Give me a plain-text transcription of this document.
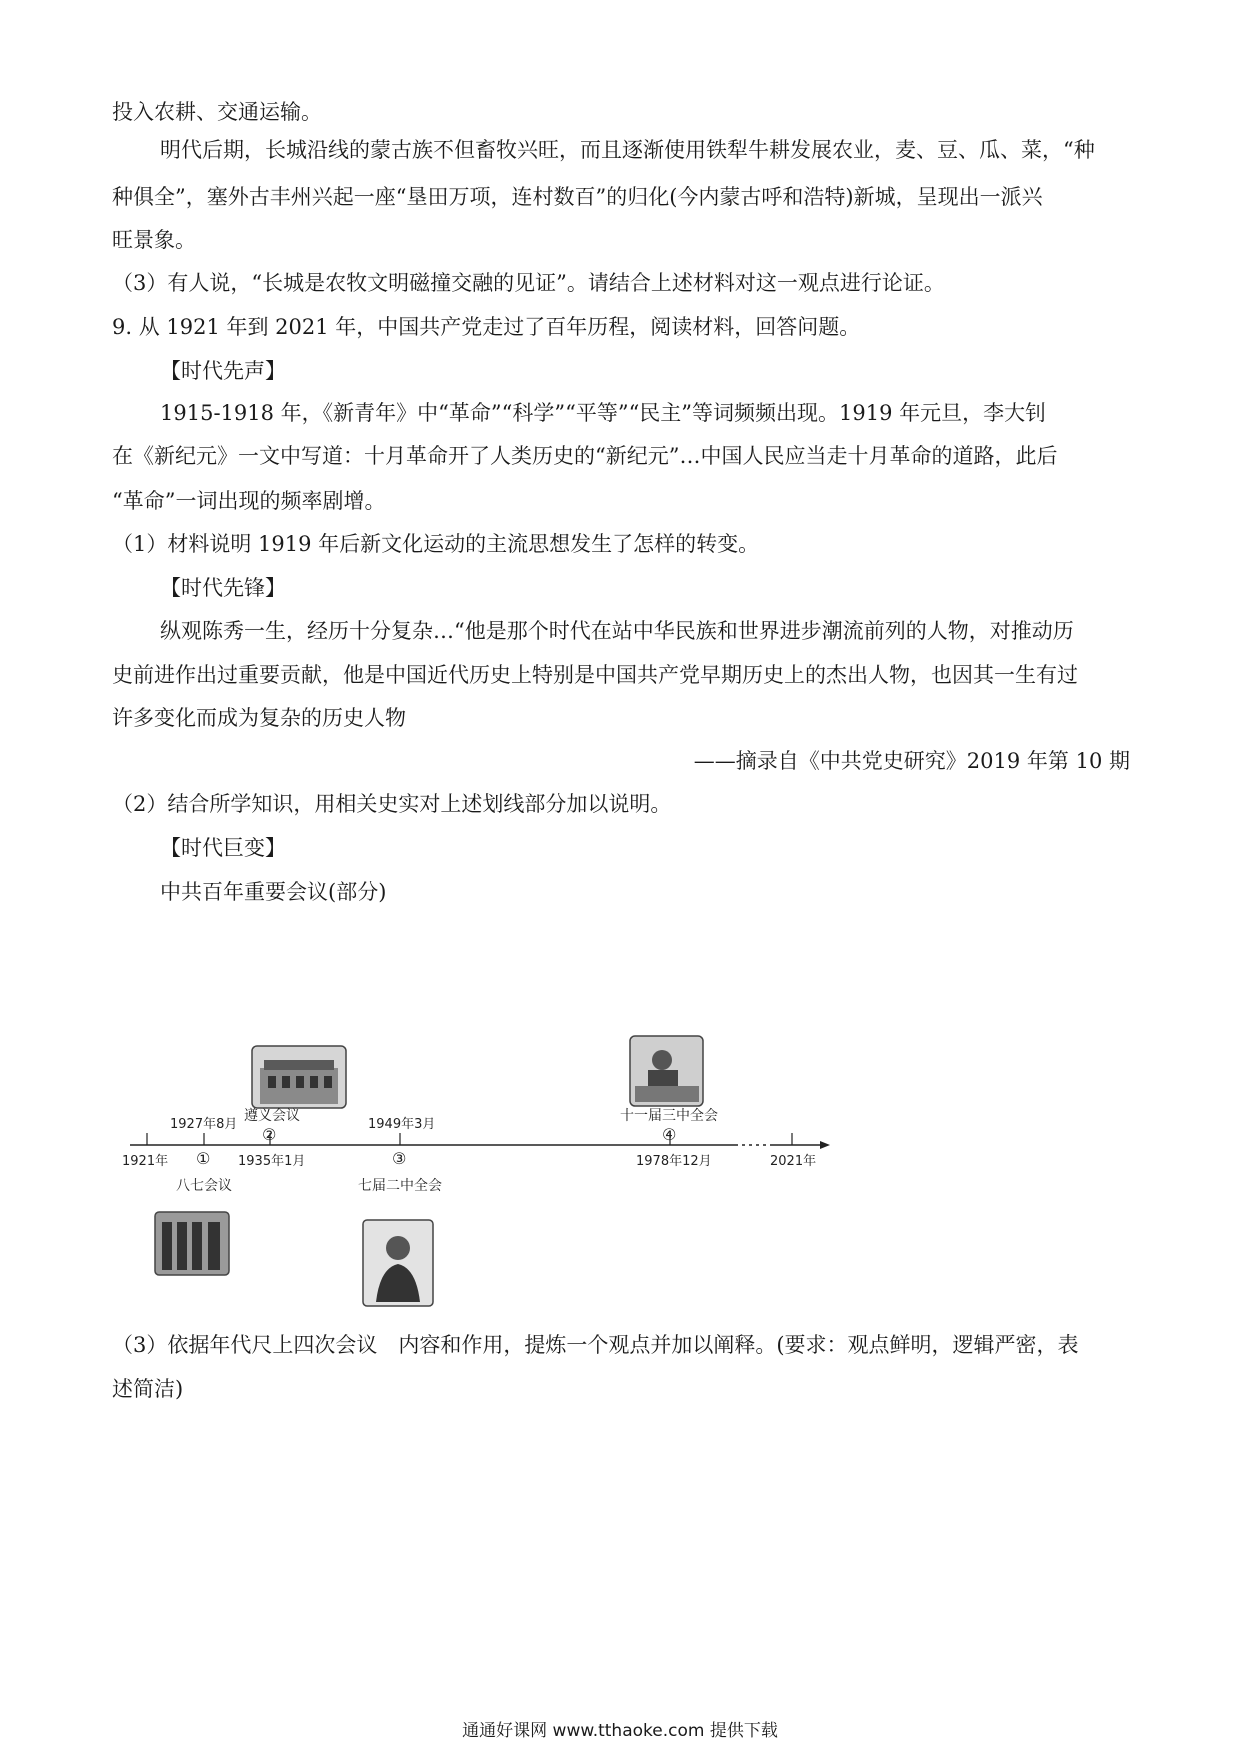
投入农耕、交通运输。
明代后期，长城沿线的蒙古族不但畜牧兴旺，而且逐渐使用铁犁牛耕发展农业，麦、豆、瓜、菜，“种
种俱全”，塞外古丰州兴起一座“垦田万项，连村数百”的归化(今内蒙古呼和浩特)新城，呈现出一派兴
旺景象。
（3）有人说，“长城是农牧文明磁撞交融的见证”。请结合上述材料对这一观点进行论证。
9. 从 1921 年到 2021 年，中国共产党走过了百年历程，阅读材料，回答问题。
【时代先声】
1915-1918 年，《新青年》中“革命”“科学”“平等”“民主”等词频频出现。1919 年元旦，李大钊
在《新纪元》一文中写道：十月革命开了人类历史的“新纪元”…中国人民应当走十月革命的道路，此后
“革命”一词出现的频率剧增。
（1）材料说明 1919 年后新文化运动的主流思想发生了怎样的转变。
【时代先锋】
纵观陈秀一生，经历十分复杂…“他是那个时代在站中华民族和世界进步潮流前列的人物，对推动历
史前进作出过重要贡献，他是中国近代历史上特别是中国共产党早期历史上的杰出人物，也因其一生有过
许多变化而成为复杂的历史人物
——摘录自《中共党史研究》2019 年第 10 期
（2）结合所学知识，用相关史实对上述划线部分加以说明。
【时代巨变】
中共百年重要会议(部分)
1921年	2021年
1927年8月
①
八七会议
遵义会议
②
1935年1月
1949年3月
③
七届二中全会
十一届三中全会
④
1978年12月
（3）依据年代尺上四次会议　内容和作用，提炼一个观点并加以阐释。(要求：观点鲜明，逻辑严密，表
述简洁)
通通好课网 www.tthaoke.com 提供下载
